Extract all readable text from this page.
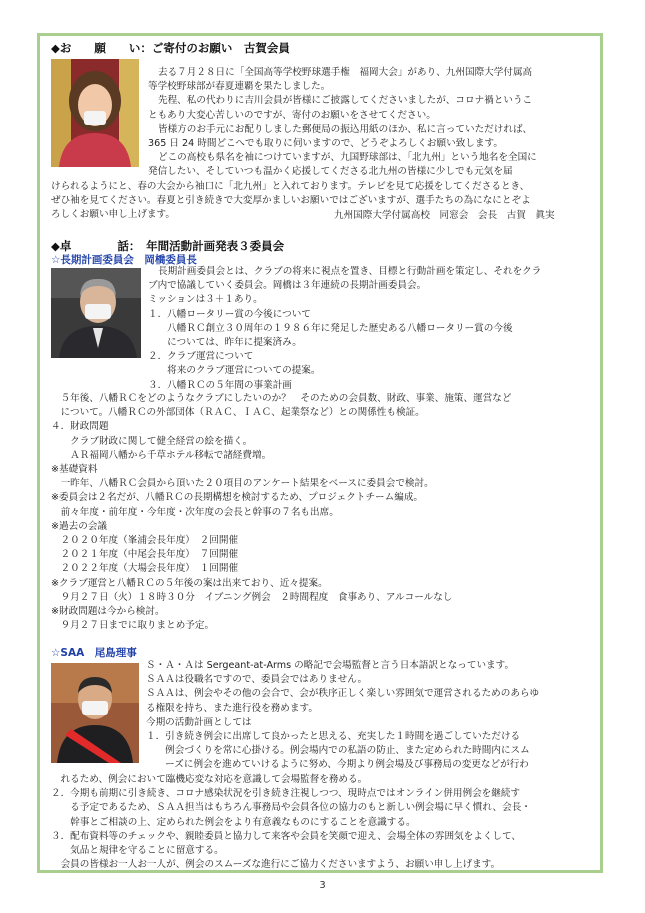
◆お　　願　　い：ご寄付のお願い　古賀会員

去る７月２８日に「全国高等学校野球選手権　福岡大会」があり、九州国際大学付属高

等学校野球部が春夏連覇を果たしました。

先程、私の代わりに吉川会員が皆様にご披露してくださいましたが、コロナ禍というこ

ともあり大変心苦しいのですが、寄付のお願いをさせてください。

皆様方のお手元にお配りしました郵便局の振込用紙のほか、私に言っていただければ、

365 日 24 時間どこへでも取りに伺いますので、どうぞよろしくお願い致します。

どこの高校も県名を袖につけていますが、九国野球部は、「北九州」という地名を全国に

発信したい、そしていつも温かく応援してくださる北九州の皆様に少しでも元気を届

けられるようにと、春の大会から袖口に「北九州」と入れております。テレビを見て応援をしてくださるとき、

ぜひ袖を見てください。春夏と引き続きで大変厚かましいお願いではございますが、選手たちの為になにとぞよ

ろしくお願い申し上げます。	九州国際大学付属高校　同窓会　会長　古賀　眞実
◆卓　　　　話：　年間活動計画発表３委員会
☆長期計画委員会　岡橋委員長

長期計画委員会とは、クラブの将来に視点を置き、目標と行動計画を策定し、それをクラ

ブ内で協議していく委員会。岡橋は３年連続の長期計画委員会。

ミッションは３＋１あり。

１．八幡ロータリー賞の今後について

　　八幡ＲＣ創立３０周年の１９８６年に発足した歴史ある八幡ロータリー賞の今後

　　については、昨年に提案済み。

２．クラブ運営について

　　将来のクラブ運営についての提案。

３．八幡ＲＣの５年間の事業計画

　５年後、八幡ＲＣをどのようなクラブにしたいのか？　そのための会員数、財政、事業、施策、運営など

　について。八幡ＲＣの外部団体（ＲＡＣ、ＩＡＣ、起業祭など）との関係性も検証。

４．財政問題

　　クラブ財政に関して健全経営の絵を描く。

　　ＡＲ福岡八幡から千草ホテル移転で諸経費増。

※基礎資料

　一昨年、八幡ＲＣ会員から頂いた２０項目のアンケート結果をベースに委員会で検討。

※委員会は２名だが、八幡ＲＣの長期構想を検討するため、プロジェクトチーム編成。

　前々年度・前年度・今年度・次年度の会長と幹事の７名も出席。

※過去の会議

　２０２０年度（峯浦会長年度）　２回開催

　２０２１年度（中尾会長年度）　７回開催

　２０２２年度（大場会長年度）　１回開催

※クラブ運営と八幡ＲＣの５年後の案は出来ており、近々提案。

　９月２７日（火）１８時３０分　イブニング例会　２時間程度　食事あり、アルコールなし

※財政問題は今から検討。

　９月２７日までに取りまとめ予定。

☆SAA　尾島理事

Ｓ・Ａ・Ａは Sergeant-at-Arms の略記で会場監督と言う日本語訳となっています。

ＳＡＡは役職名ですので、委員会ではありません。

ＳＡＡは、例会やその他の会合で、会が秩序正しく楽しい雰囲気で運営されるためのあらゆ

る権限を持ち、また進行役を務めます。

今期の活動計画としては

１．引き続き例会に出席して良かったと思える、充実した１時間を過ごしていただける

　　例会づくりを常に心掛ける。例会場内での私語の防止、また定められた時間内にスム

　　ーズに例会を進めていけるように努め、今期より例会場及び事務局の変更などが行わ

　れるため、例会において臨機応変な対応を意識して会場監督を務める。

２．今期も前期に引き続き、コロナ感染状況を引き続き注視しつつ、現時点ではオンライン併用例会を継続す

　　る予定であるため、ＳＡＡ担当はもちろん事務局や会員各位の協力のもと新しい例会場に早く慣れ、会長・

　　幹事とご相談の上、定められた例会をより有意義なものにすることを意識する。

３．配布資料等のチェックや、親睦委員と協力して来客や会員を笑顔で迎え、会場全体の雰囲気をよくして、

　　気品と規律を守ることに留意する。

　会員の皆様お一人お一人が、例会のスムーズな進行にご協力くださいますよう、お願い申し上げます。

3
